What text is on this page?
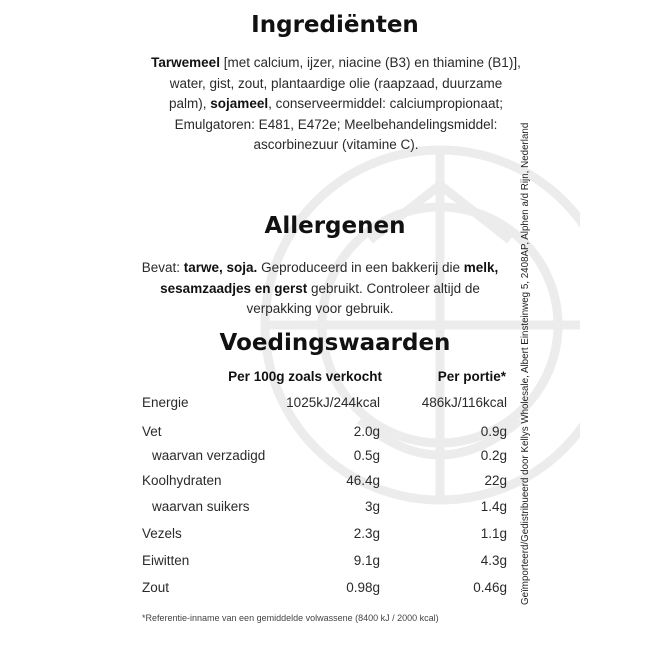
Ingrediënten
Tarwemeel [met calcium, ijzer, niacine (B3) en thiamine (B1)], water, gist, zout, plantaardige olie (raapzaad, duurzame palm), sojameel, conserveermiddel: calciumpropionaat; Emulgatoren: E481, E472e; Meelbehandelingsmiddel: ascorbinezuur (vitamine C).
Allergenen
Bevat: tarwe, soja. Geproduceerd in een bakkerij die melk, sesamzaadjes en gerst gebruikt. Controleer altijd de verpakking voor gebruik.
Voedingswaarden
Per 100g zoals verkocht	Per portie*
Energie	1025kJ/244kcal	486kJ/116kcal
Vet	2.0g	0.9g
waarvan verzadigd	0.5g	0.2g
Koolhydraten	46.4g	22g
waarvan suikers	3g	1.4g
Vezels	2.3g	1.1g
Eiwitten	9.1g	4.3g
Zout	0.98g	0.46g
*Referentie-inname van een gemiddelde volwassene (8400 kJ / 2000 kcal)
Geïmporteerd/Gedistribueerd door Kellys Wholesale, Albert Einsteinweg 5, 2408AP, Alphen a/d Rijn, Nederland
